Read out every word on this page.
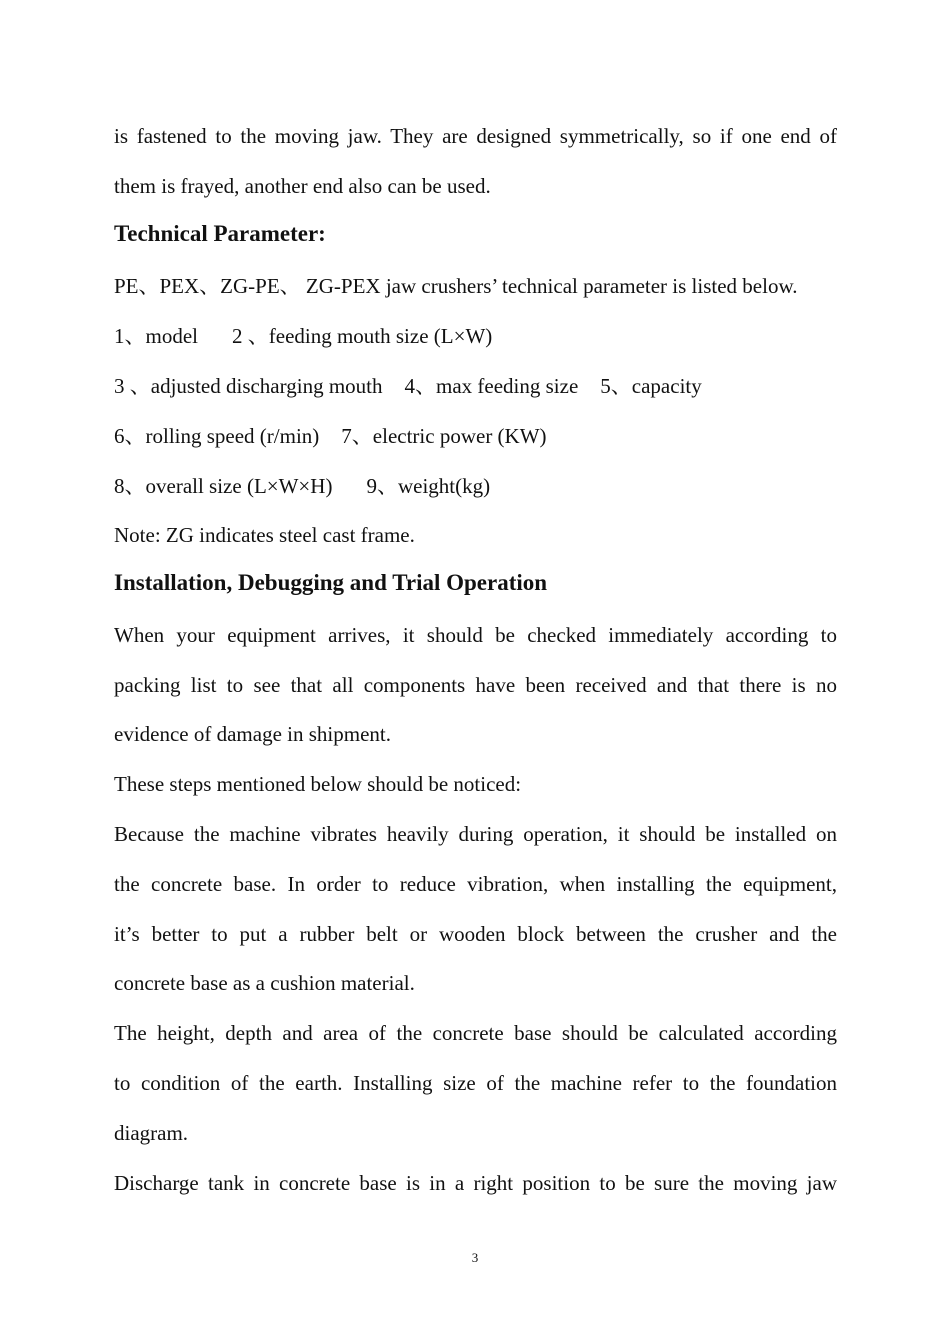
is fastened to the moving jaw. They are designed symmetrically, so if one end of
them is frayed, another end also can be used.
Technical Parameter:
PE、PEX、ZG-PE、 ZG-PEX jaw crushers’ technical parameter is listed below.
1、model 2 、feeding mouth size (L×W)
3 、adjusted discharging mouth 4、max feeding size 5、capacity
6、rolling speed (r/min) 7、electric power (KW)
8、overall size (L×W×H) 9、weight(kg)
Note: ZG indicates steel cast frame.
Installation, Debugging and Trial Operation
When your equipment arrives, it should be checked immediately according to
packing list to see that all components have been received and that there is no
evidence of damage in shipment.
These steps mentioned below should be noticed:
Because the machine vibrates heavily during operation, it should be installed on
the concrete base. In order to reduce vibration, when installing the equipment,
it’s better to put a rubber belt or wooden block between the crusher and the
concrete base as a cushion material.
The height, depth and area of the concrete base should be calculated according
to condition of the earth. Installing size of the machine refer to the foundation
diagram.
Discharge tank in concrete base is in a right position to be sure the moving jaw
3
